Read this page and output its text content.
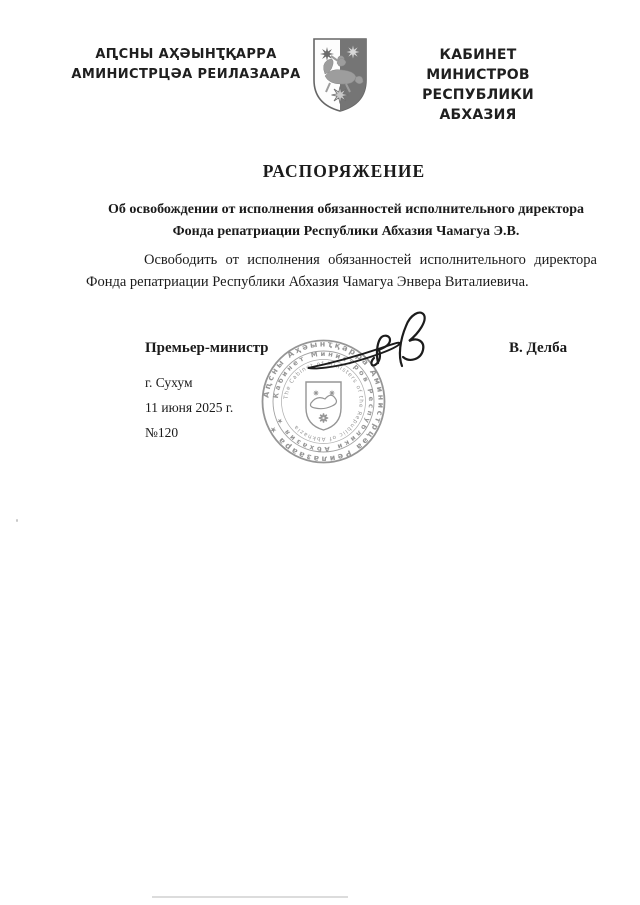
АԤСНЫ АҲӘЫНҬҚАРРА
АМИНИСТРЦӘА РЕИЛАЗААРА
КАБИНЕТ МИНИСТРОВ
РЕСПУБЛИКИ АБХАЗИЯ
РАСПОРЯЖЕНИЕ
Об освобождении от исполнения обязанностей исполнительного директора Фонда репатриации Республики Абхазия Чамагуа Э.В.
Освободить от исполнения обязанностей исполнительного директора Фонда репатриации Республики Абхазия Чамагуа Энвера Виталиевича.
Премьер-министр	В. Делба
Аԥсны Аҳәынҭқарра Аминистрцәа Реилазаара ★
Кабинет Министров Республики Абхазия ★
The Cabinet of Ministers of the Republic of Abkhazia
г. Сухум
11 июня 2025 г.
№120
